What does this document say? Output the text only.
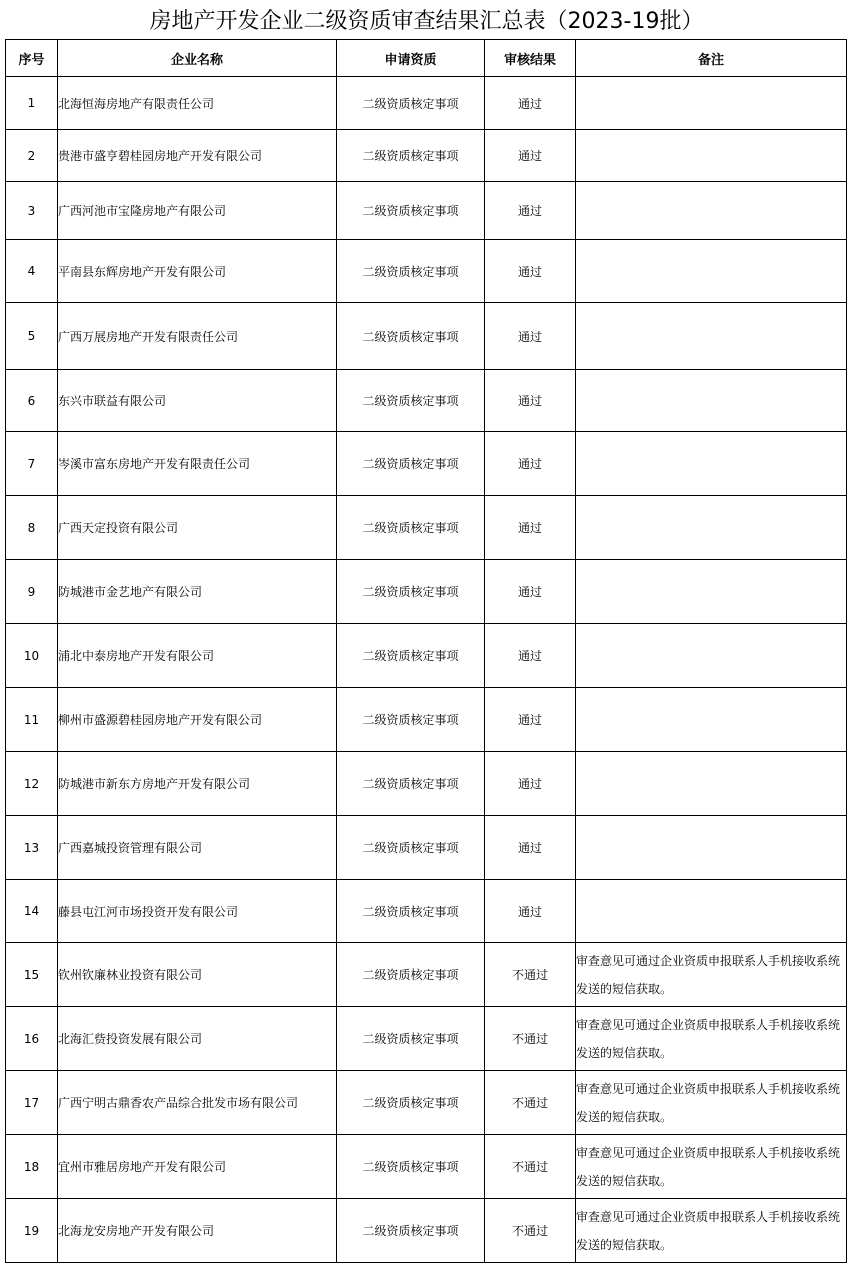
房地产开发企业二级资质审查结果汇总表（2023-19批）
序号	企业名称	申请资质	审核结果	备注
1	北海恒海房地产有限责任公司	二级资质核定事项	通过	
2	贵港市盛亨碧桂园房地产开发有限公司	二级资质核定事项	通过	
3	广西河池市宝隆房地产有限公司	二级资质核定事项	通过	
4	平南县东辉房地产开发有限公司	二级资质核定事项	通过	
5	广西万展房地产开发有限责任公司	二级资质核定事项	通过	
6	东兴市联益有限公司	二级资质核定事项	通过	
7	岑溪市富东房地产开发有限责任公司	二级资质核定事项	通过	
8	广西天定投资有限公司	二级资质核定事项	通过	
9	防城港市金艺地产有限公司	二级资质核定事项	通过	
10	浦北中泰房地产开发有限公司	二级资质核定事项	通过	
11	柳州市盛源碧桂园房地产开发有限公司	二级资质核定事项	通过	
12	防城港市新东方房地产开发有限公司	二级资质核定事项	通过	
13	广西嘉城投资管理有限公司	二级资质核定事项	通过	
14	藤县屯江河市场投资开发有限公司	二级资质核定事项	通过	
15	钦州钦廉林业投资有限公司	二级资质核定事项	不通过	审查意见可通过企业资质申报联系人手机接收系统发送的短信获取。
16	北海汇赀投资发展有限公司	二级资质核定事项	不通过	审查意见可通过企业资质申报联系人手机接收系统发送的短信获取。
17	广西宁明古鼎香农产品综合批发市场有限公司	二级资质核定事项	不通过	审查意见可通过企业资质申报联系人手机接收系统发送的短信获取。
18	宜州市雅居房地产开发有限公司	二级资质核定事项	不通过	审查意见可通过企业资质申报联系人手机接收系统发送的短信获取。
19	北海龙安房地产开发有限公司	二级资质核定事项	不通过	审查意见可通过企业资质申报联系人手机接收系统发送的短信获取。
